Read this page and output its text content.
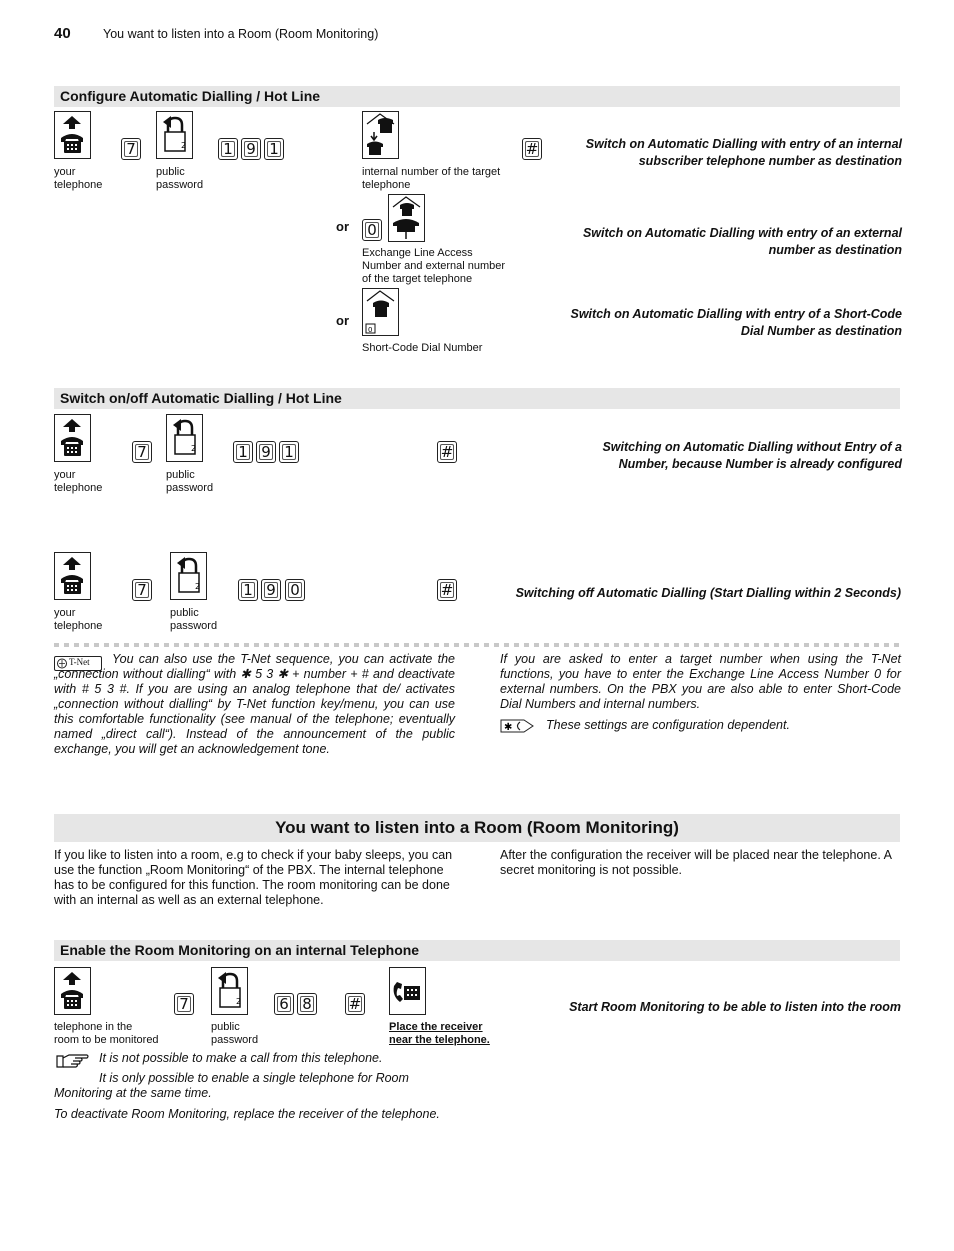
40	You want to listen into a Room (Room Monitoring)
Configure Automatic Dialling / Hot Line
your
telephone
7	2
public
password
1 9 1
internal number of the target
telephone
#	Switch on Automatic Dialling with entry of an internal subscriber telephone number as destination
or 0
Exchange Line Access
Number and external number
of the target telephone
Switch on Automatic Dialling with entry of an external number as destination
or
0
Short-Code Dial Number
Switch on Automatic Dialling with entry of a Short-Code Dial Number as destination
Switch on/off Automatic Dialling / Hot Line
your
telephone
7	2
public
password
1 9 1	#	Switching on Automatic Dialling without Entry of a Number, because Number is already configured
your
telephone
7	2
public
password
1 9 0	#	Switching off Automatic Dialling (Start Dialling within 2 Seconds)
T-Net	You can also use the T-Net sequence, you can activate the „connection without dialling“ with ✱ 5 3 ✱ + number + # and deactivate with # 5 3 #. If you are using an analog telephone that de/ activates „connection without dialling“ by T-Net function key/menu, you can use this comfortable functionality (see manual of the telephone; eventually named „direct call“). Instead of the announcement of the public exchange, you will get an acknowledgement tone.
If you are asked to enter a target number when using the T-Net functions, you have to enter the Exchange Line Access Number 0 for external numbers. On the PBX you are also able to enter Short-Code Dial Numbers and internal numbers.
✱	These settings are configuration dependent.
You want to listen into a Room (Room Monitoring)
If you like to listen into a room, e.g to check if your baby sleeps, you can use the function „Room Monitoring“ of the PBX. The internal telephone has to be configured for this function. The room monitoring can be done with an internal as well as an external telephone.
After the configuration the receiver will be placed near the telephone. A secret monitoring is not possible.
Enable the Room Monitoring on an internal Telephone
telephone in the
room to be monitored
7	2
public
password
6 8 #
Place the receiver
near the telephone.
Start Room Monitoring to be able to listen into the room
It is not possible to make a call from this telephone.
It is only possible to enable a single telephone for Room Monitoring at the same time.
To deactivate Room Monitoring, replace the receiver of the telephone.
